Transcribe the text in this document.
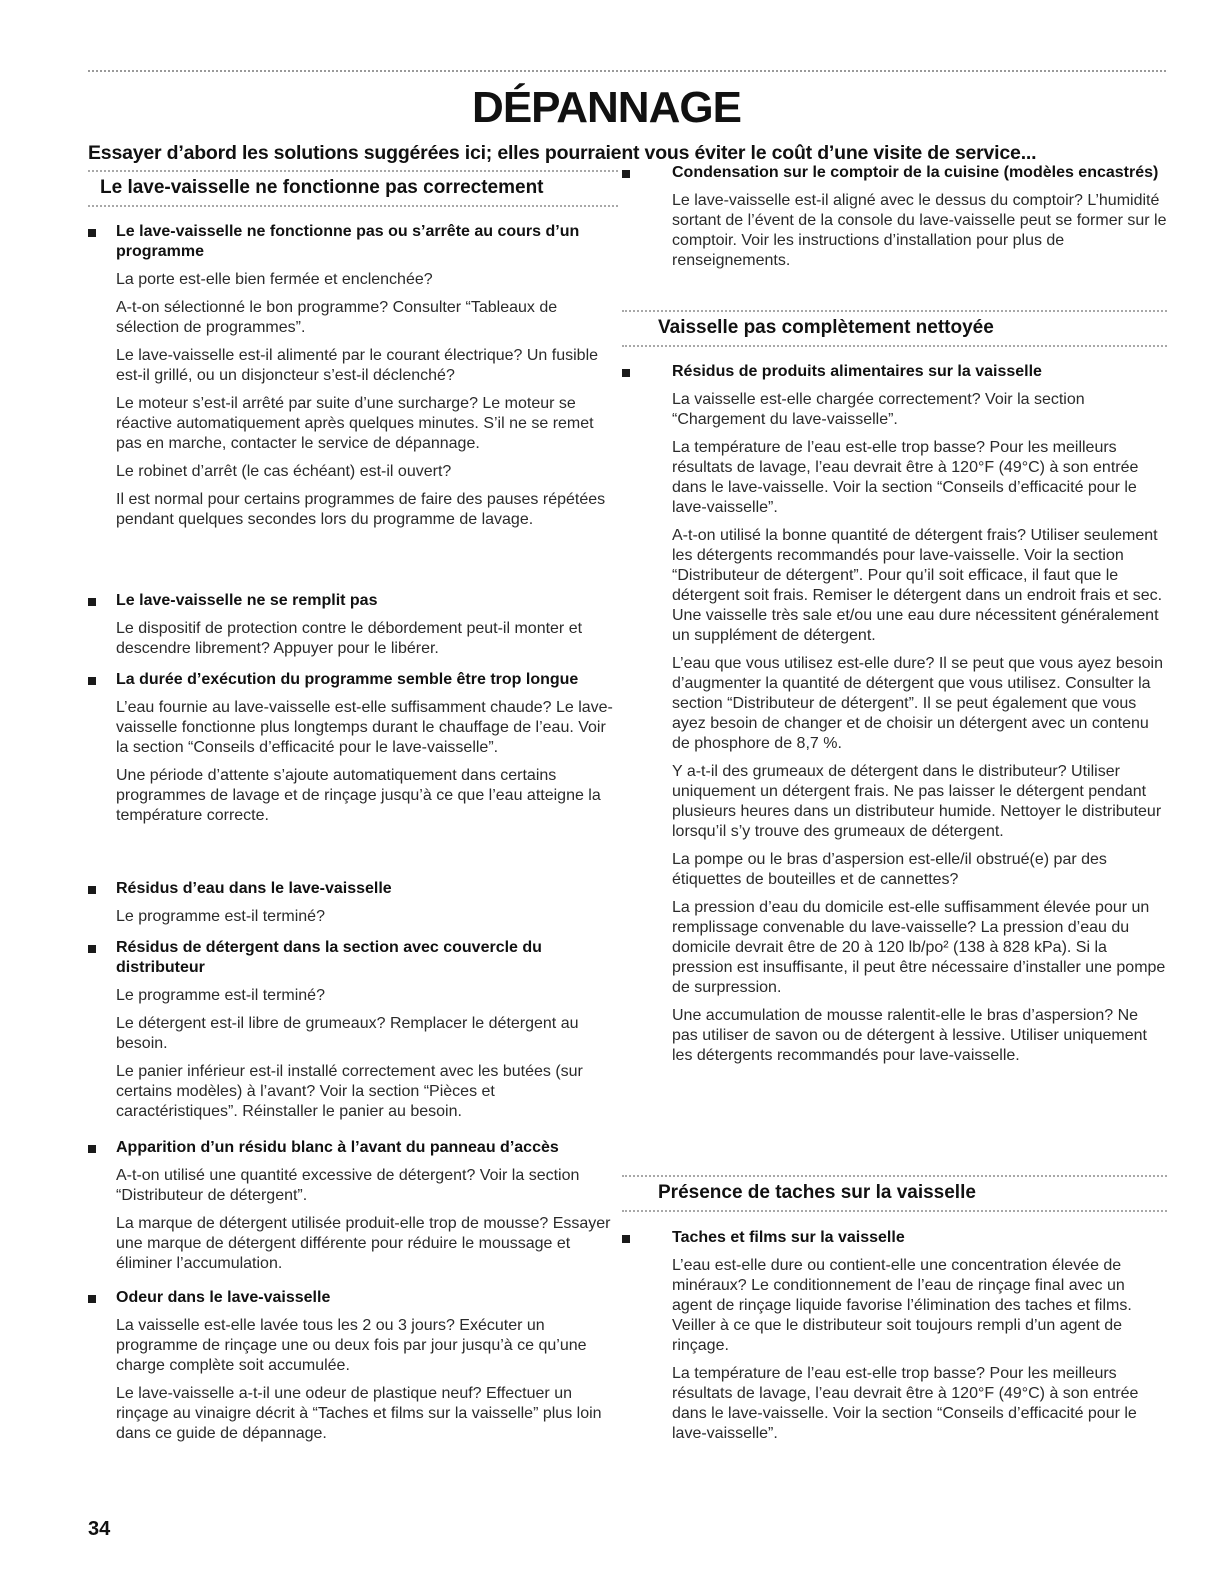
DÉPANNAGE

Essayer d’abord les solutions suggérées ici; elles pourraient vous éviter le coût d’une visite de service...

Le lave-vaisselle ne fonctionne pas correctement
Le lave-vaisselle ne fonctionne pas ou s’arrête au cours d’un programme

La porte est-elle bien fermée et enclenchée?

A-t-on sélectionné le bon programme? Consulter “Tableaux de sélection de programmes”.

Le lave-vaisselle est-il alimenté par le courant électrique? Un fusible est-il grillé, ou un disjoncteur s’est-il déclenché?

Le moteur s’est-il arrêté par suite d’une surcharge? Le moteur se réactive automatiquement après quelques minutes. S’il ne se remet pas en marche, contacter le service de dépannage.

Le robinet d’arrêt (le cas échéant) est-il ouvert?

Il est normal pour certains programmes de faire des pauses répétées pendant quelques secondes lors du programme de lavage.

Le lave-vaisselle ne se remplit pas

Le dispositif de protection contre le débordement peut-il monter et descendre librement? Appuyer pour le libérer.

La durée d’exécution du programme semble être trop longue

L’eau fournie au lave-vaisselle est-elle suffisamment chaude? Le lave-vaisselle fonctionne plus longtemps durant le chauffage de l’eau. Voir la section “Conseils d’efficacité pour le lave-vaisselle”.

Une période d’attente s’ajoute automatiquement dans certains programmes de lavage et de rinçage jusqu’à ce que l’eau atteigne la température correcte.

Résidus d’eau dans le lave-vaisselle

Le programme est-il terminé?

Résidus de détergent dans la section avec couvercle du distributeur

Le programme est-il terminé?

Le détergent est-il libre de grumeaux? Remplacer le détergent au besoin.

Le panier inférieur est-il installé correctement avec les butées (sur certains modèles) à l’avant? Voir la section “Pièces et caractéristiques”. Réinstaller le panier au besoin.

Apparition d’un résidu blanc à l’avant du panneau d’accès

A-t-on utilisé une quantité excessive de détergent? Voir la section “Distributeur de détergent”.

La marque de détergent utilisée produit-elle trop de mousse? Essayer une marque de détergent différente pour réduire le moussage et éliminer l’accumulation.

Odeur dans le lave-vaisselle

La vaisselle est-elle lavée tous les 2 ou 3 jours? Exécuter un programme de rinçage une ou deux fois par jour jusqu’à ce qu’une charge complète soit accumulée.

Le lave-vaisselle a-t-il une odeur de plastique neuf? Effectuer un rinçage au vinaigre décrit à “Taches et films sur la vaisselle” plus loin dans ce guide de dépannage.

Condensation sur le comptoir de la cuisine (modèles encastrés)

Le lave-vaisselle est-il aligné avec le dessus du comptoir? L’humidité sortant de l’évent de la console du lave-vaisselle peut se former sur le comptoir. Voir les instructions d’installation pour plus de renseignements.

Vaisselle pas complètement nettoyée
Résidus de produits alimentaires sur la vaisselle

La vaisselle est-elle chargée correctement? Voir la section “Chargement du lave-vaisselle”.

La température de l’eau est-elle trop basse? Pour les meilleurs résultats de lavage, l’eau devrait être à 120°F (49°C) à son entrée dans le lave-vaisselle. Voir la section “Conseils d’efficacité pour le lave-vaisselle”.

A-t-on utilisé la bonne quantité de détergent frais? Utiliser seulement les détergents recommandés pour lave-vaisselle. Voir la section “Distributeur de détergent”. Pour qu’il soit efficace, il faut que le détergent soit frais. Remiser le détergent dans un endroit frais et sec. Une vaisselle très sale et/ou une eau dure nécessitent généralement un supplément de détergent.

L’eau que vous utilisez est-elle dure? Il se peut que vous ayez besoin d’augmenter la quantité de détergent que vous utilisez. Consulter la section “Distributeur de détergent”. Il se peut également que vous ayez besoin de changer et de choisir un détergent avec un contenu de phosphore de 8,7 %.

Y a-t-il des grumeaux de détergent dans le distributeur? Utiliser uniquement un détergent frais. Ne pas laisser le détergent pendant plusieurs heures dans un distributeur humide. Nettoyer le distributeur lorsqu’il s’y trouve des grumeaux de détergent.

La pompe ou le bras d’aspersion est-elle/il obstrué(e) par des étiquettes de bouteilles et de cannettes?

La pression d’eau du domicile est-elle suffisamment élevée pour un remplissage convenable du lave-vaisselle? La pression d’eau du domicile devrait être de 20 à 120 lb/po² (138 à 828 kPa). Si la pression est insuffisante, il peut être nécessaire d’installer une pompe de surpression.

Une accumulation de mousse ralentit-elle le bras d’aspersion? Ne pas utiliser de savon ou de détergent à lessive. Utiliser uniquement les détergents recommandés pour lave-vaisselle.

Présence de taches sur la vaisselle
Taches et films sur la vaisselle

L’eau est-elle dure ou contient-elle une concentration élevée de minéraux? Le conditionnement de l’eau de rinçage final avec un agent de rinçage liquide favorise l’élimination des taches et films. Veiller à ce que le distributeur soit toujours rempli d’un agent de rinçage.

La température de l’eau est-elle trop basse? Pour les meilleurs résultats de lavage, l’eau devrait être à 120°F (49°C) à son entrée dans le lave-vaisselle. Voir la section “Conseils d’efficacité pour le lave-vaisselle”.

34
